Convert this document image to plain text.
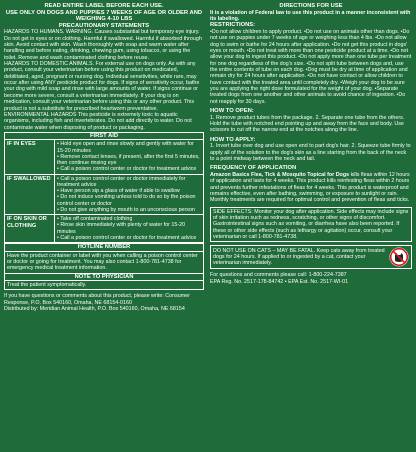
READ ENTIRE LABEL BEFORE EACH USE.

USE ONLY ON DOGS AND PUPPIES 7 WEEKS OF AGE OR OLDER AND WEIGHING 4-10 LBS

PRECAUTIONARY STATEMENTS

HAZARDS TO HUMANS. WARNING. Causes substantial but temporary eye injury. Do not get in eyes or on clothing. Harmful if swallowed. Harmful if absorbed through skin. Avoid contact with skin. Wash thoroughly with soap and warm water after handling and before eating, drinking, chewing gum, using tobacco, or using the toilet. Remove and wash contaminated clothing before reuse.

HAZARDS TO DOMESTIC ANIMALS. For external use on dogs only. As with any product, consult your veterinarian before using this product on medicated, debilitated, aged, pregnant or nursing dog. Individual sensitivities, while rare, may occur after using ANY pesticide product for dogs. If signs of sensitivity occur, bathe your dog with mild soap and rinse with large amounts of water. If signs continue or become more severe, consult a veterinarian immediately. If your dog is on medication, consult your veterinarian before using this or any other product. This product is not a substitute for prescribed heartworm preventative.

ENVIRONMENTAL HAZARDS This pesticide is extremely toxic to aquatic organisms, including fish and invertebrates. Do not add directly to water. Do not contaminate water when disposing of product or packaging.

FIRST AID
IF IN EYES	• Hold eye open and rinse slowly and gently with water for 15-20 minutes

• Remove contact lenses, if present, after the first 5 minutes, then continue rinsing eye

• Call a poison control center or doctor for treatment advice

IF SWALLOWED	• Call a poison control center or doctor immediately for treatment advice

• Have person sip a glass of water if able to swallow

• Do not induce vomiting unless told to do so by the poison control center or doctor

• Do not give anything by mouth to an unconscious person

IF ON SKIN OR CLOTHING

• Take off contaminated clothing

• Rinse skin immediately with plenty of water for 15-20 minutes

• Call a poison control center or doctor for treatment advice

HOTLINE NUMBER
Have the product container or label with you when calling a poison control center or doctor or going for treatment. You may also contact 1-800-781-4738 for emergency medical treatment information.
NOTE TO PHYSICIAN
Treat the patient symptomatically.

If you have questions or comments about this product, please write: Consumer Response, P.O. Box 540160, Omaha, NE 68154-0160

Distributed by: Meridian Animal Health, P.O. Box 540160, Omaha, NE 68154

DIRECTIONS FOR USE

It is a violation of Federal law to use this product in a manner inconsistent with its labeling.

RESTRICTIONS:

•Do not allow children to apply product. •Do not use on animals other than dogs. •Do not use on puppies under 7 weeks of age or weighing less than 4 lbs. •Do not allow dog to swim or bathe for 24 hours after application. •Do not get this product in dogs' eyes or mouth. •Do not treat with more than one pesticide product at a time. •Do not allow your dog to ingest this product. •Do not apply more than one tube per treatment for one dog regardless of the dog's size. •Do not split tube between dogs and, use the entire contents of tube on each dog. •Dog must be dry at time of application and remain dry for 24 hours after application. •Do not have contact or allow children to have contact with the treated area until completely dry. •Weigh your dog to be sure you are applying the right dose formulated for the weight of your dog. •Separate treated dogs from one another and other animals to avoid chance of ingestion. •Do not reapply for 30 days.

HOW TO OPEN:

1. Remove product tubes from the package. 2. Separate one tube from the others. Hold the tube with notched end pointing up and away from the face and body. Use scissors to cut off the narrow end at the notches along the line.

HOW TO APPLY:

1. Invert tube over dog and use open end to part dog's hair. 2. Squeeze tube firmly to apply all of the solution to the dog's skin as a line starting from the back of the neck to a point midway between the neck and tail.

FREQUENCY OF APPLICATION

Amazon Basics Flea, Tick & Mosquito Topical for Dogs kills fleas within 12 hours of application and lasts for 4 weeks. This product kills reinfesting fleas within 2 hours and prevents further infestations of fleas for 4 weeks. This product is waterproof and remains effective, even after bathing, swimming, or exposure to sunlight or rain.

Monthly treatments are required for optimal control and prevention of fleas and ticks.

SIDE EFFECTS: Monitor your dog after application. Side effects may include signs of skin irritation such as redness, scratching, or other signs of discomfort. Gastrointestinal signs such as vomiting, or diarrhea have also been reported. If these or other side effects (such as lethargy or agitation) occur, consult your veterinarian or call 1-800-781-4738.

DO NOT USE ON CATS – MAY BE FATAL. Keep cats away from treated dogs for 24 hours. If applied to or ingested by a cat, contact your veterinarian immediately.

For questions and comments please call: 1-800-224-7387

EPA Reg. No. 2517-178-84742 ▪ EPA Est. No. 2517-WI-01
